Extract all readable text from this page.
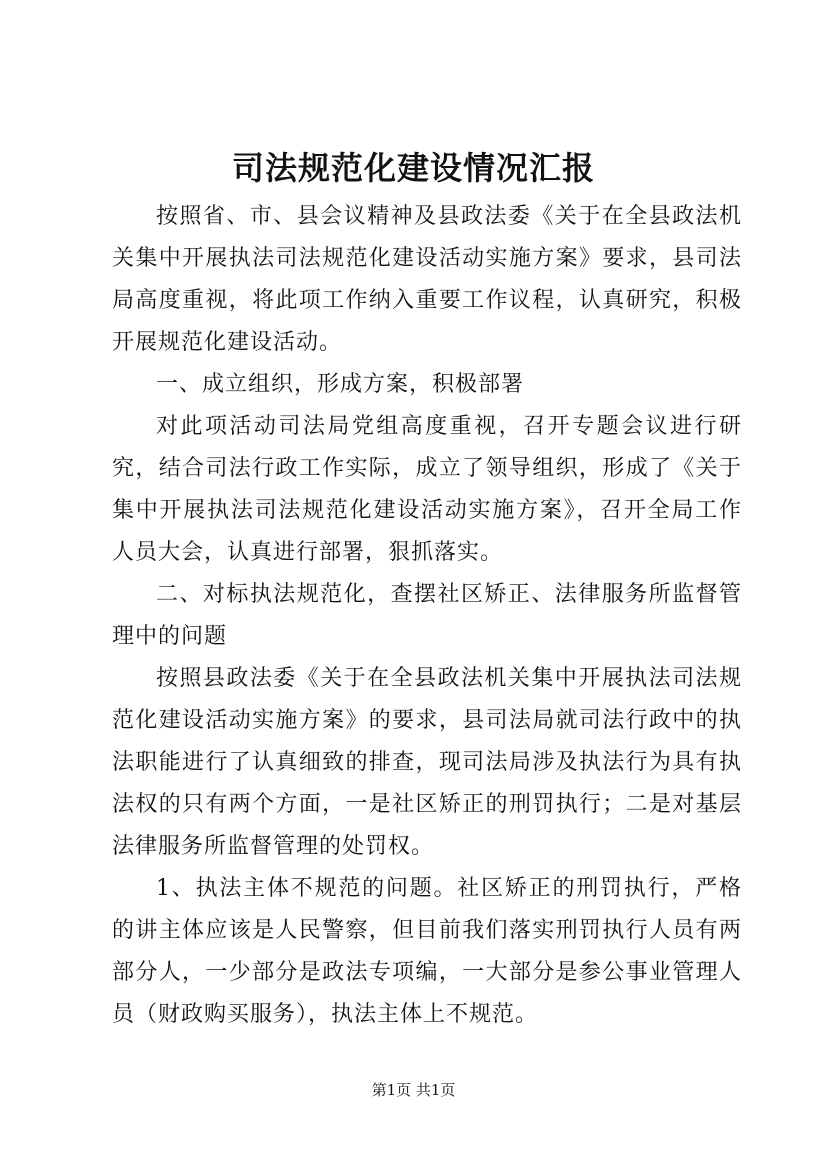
司法规范化建设情况汇报

按照省、市、县会议精神及县政法委《关于在全县政法机关集中开展执法司法规范化建设活动实施方案》要求，县司法局高度重视，将此项工作纳入重要工作议程，认真研究，积极开展规范化建设活动。

一、成立组织，形成方案，积极部署

对此项活动司法局党组高度重视，召开专题会议进行研究，结合司法行政工作实际，成立了领导组织，形成了《关于集中开展执法司法规范化建设活动实施方案》，召开全局工作人员大会，认真进行部署，狠抓落实。

二、对标执法规范化，查摆社区矫正、法律服务所监督管理中的问题

按照县政法委《关于在全县政法机关集中开展执法司法规范化建设活动实施方案》的要求，县司法局就司法行政中的执法职能进行了认真细致的排查，现司法局涉及执法行为具有执法权的只有两个方面，一是社区矫正的刑罚执行；二是对基层法律服务所监督管理的处罚权。

1、执法主体不规范的问题。社区矫正的刑罚执行，严格的讲主体应该是人民警察，但目前我们落实刑罚执行人员有两部分人，一少部分是政法专项编，一大部分是参公事业管理人员（财政购买服务），执法主体上不规范。

第1页 共1页
